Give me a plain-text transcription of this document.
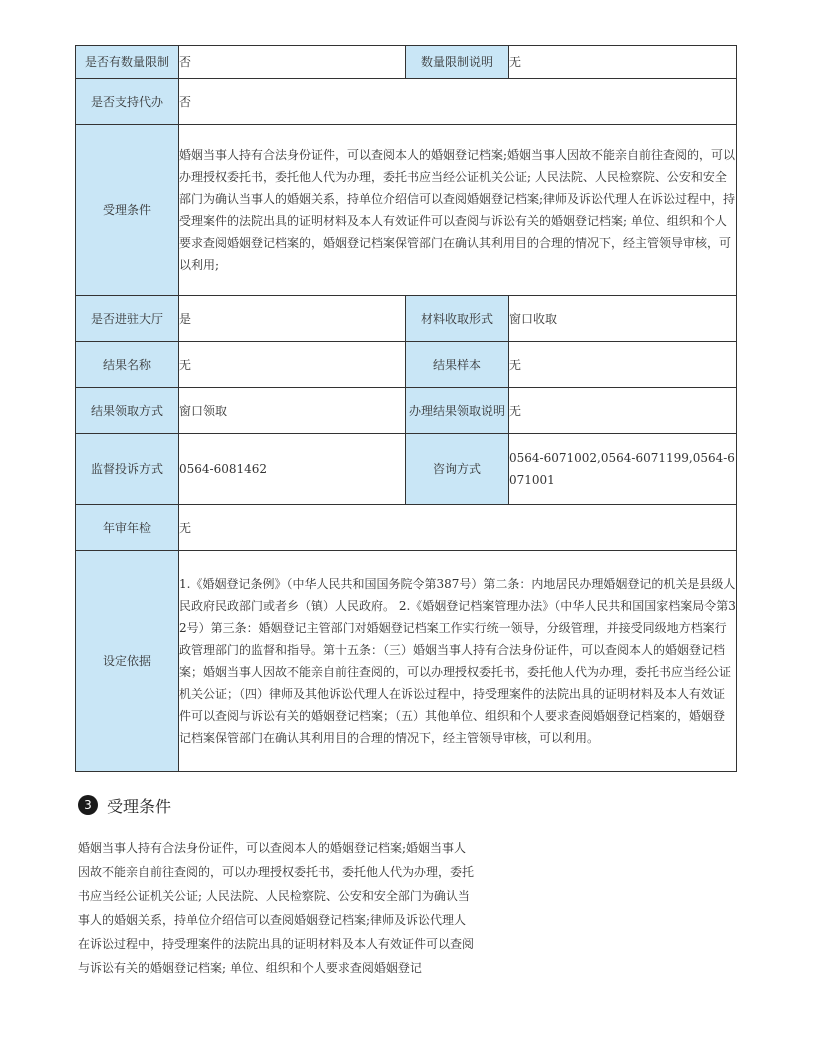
是否有数量限制	否	数量限制说明	无
是否支持代办	否		
受理条件	婚姻当事人持有合法身份证件，可以查阅本人的婚姻登记档案;婚姻当事人因故不能亲自前往查阅的，可以办理授权委托书，委托他人代为办理，委托书应当经公证机关公证; 人民法院、人民检察院、公安和安全部门为确认当事人的婚姻关系，持单位介绍信可以查阅婚姻登记档案;律师及诉讼代理人在诉讼过程中，持受理案件的法院出具的证明材料及本人有效证件可以查阅与诉讼有关的婚姻登记档案; 单位、组织和个人要求查阅婚姻登记档案的，婚姻登记档案保管部门在确认其利用目的合理的情况下，经主管领导审核，可以利用;		
是否进驻大厅	是	材料收取形式	窗口收取
结果名称	无	结果样本	无
结果领取方式	窗口领取	办理结果领取说明	无
监督投诉方式	0564-6081462	咨询方式	0564-6071002,0564-6071199,0564-6071001
年审年检	无		
设定依据	1.《婚姻登记条例》（中华人民共和国国务院令第387号）第二条：内地居民办理婚姻登记的机关是县级人民政府民政部门或者乡（镇）人民政府。 2.《婚姻登记档案管理办法》（中华人民共和国国家档案局令第32号）第三条：婚姻登记主管部门对婚姻登记档案工作实行统一领导，分级管理，并接受同级地方档案行政管理部门的监督和指导。第十五条：（三）婚姻当事人持有合法身份证件，可以查阅本人的婚姻登记档案；婚姻当事人因故不能亲自前往查阅的，可以办理授权委托书，委托他人代为办理，委托书应当经公证机关公证；（四）律师及其他诉讼代理人在诉讼过程中，持受理案件的法院出具的证明材料及本人有效证件可以查阅与诉讼有关的婚姻登记档案；（五）其他单位、组织和个人要求查阅婚姻登记档案的，婚姻登记档案保管部门在确认其利用目的合理的情况下，经主管领导审核，可以利用。		
3 受理条件

婚姻当事人持有合法身份证件，可以查阅本人的婚姻登记档案;婚姻当事人因故不能亲自前往查阅的，可以办理授权委托书，委托他人代为办理，委托书应当经公证机关公证; 人民法院、人民检察院、公安和安全部门为确认当事人的婚姻关系，持单位介绍信可以查阅婚姻登记档案;律师及诉讼代理人在诉讼过程中，持受理案件的法院出具的证明材料及本人有效证件可以查阅与诉讼有关的婚姻登记档案; 单位、组织和个人要求查阅婚姻登记
